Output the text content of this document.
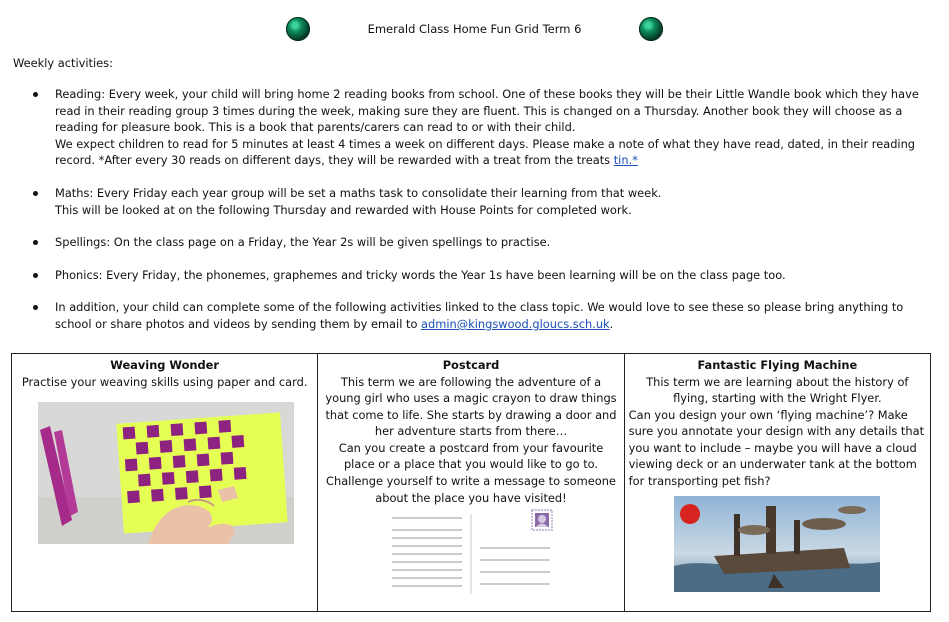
Emerald Class Home Fun Grid Term 6
Weekly activities:
Reading: Every week, your child will bring home 2 reading books from school. One of these books they will be their Little Wandle book which they have read in their reading group 3 times during the week, making sure they are fluent. This is changed on a Thursday. Another book they will choose as a reading for pleasure book. This is a book that parents/carers can read to or with their child.
We expect children to read for 5 minutes at least 4 times a week on different days. Please make a note of what they have read, dated, in their reading record. *After every 30 reads on different days, they will be rewarded with a treat from the treats tin.*
Maths: Every Friday each year group will be set a maths task to consolidate their learning from that week.
This will be looked at on the following Thursday and rewarded with House Points for completed work.
Spellings: On the class page on a Friday, the Year 2s will be given spellings to practise.
Phonics: Every Friday, the phonemes, graphemes and tricky words the Year 1s have been learning will be on the class page too.
In addition, your child can complete some of the following activities linked to the class topic. We would love to see these so please bring anything to school or share photos and videos by sending them by email to admin@kingswood.gloucs.sch.uk.
Weaving Wonder
Practise your weaving skills using paper and card.

Postcard
This term we are following the adventure of a young girl who uses a magic crayon to draw things that come to life. She starts by drawing a door and her adventure starts from there…
Can you create a postcard from your favourite place or a place that you would like to go to.
Challenge yourself to write a message to someone about the place you have visited!

Fantastic Flying Machine
This term we are learning about the history of flying, starting with the Wright Flyer.
Can you design your own ‘flying machine’? Make sure you annotate your design with any details that you want to include – maybe you will have a cloud viewing deck or an underwater tank at the bottom for transporting pet fish?
